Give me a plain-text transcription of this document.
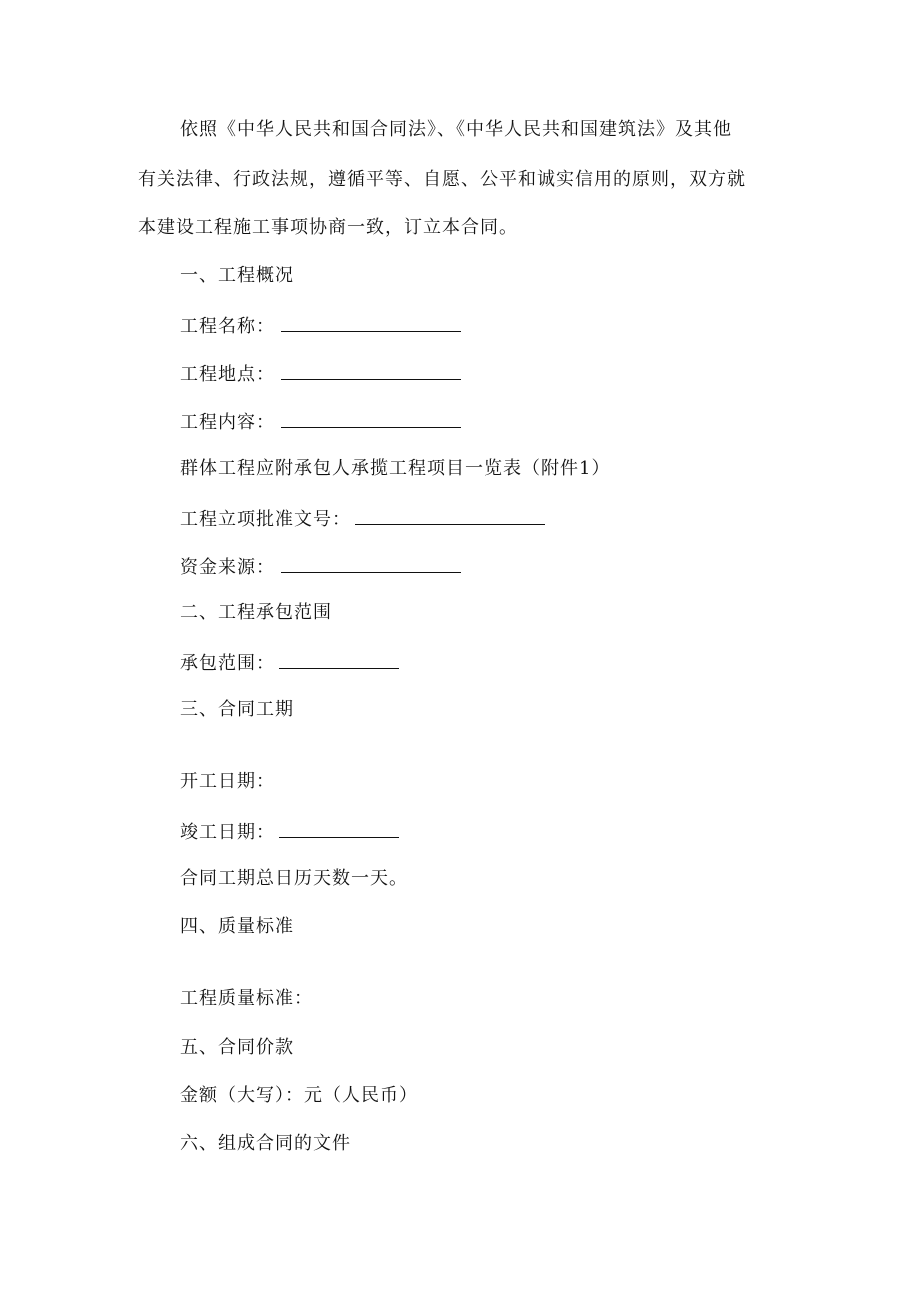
依照《中华人民共和国合同法》、《中华人民共和国建筑法》及其他
有关法律、行政法规，遵循平等、自愿、公平和诚实信用的原则，双方就
本建设工程施工事项协商一致，订立本合同。
一、工程概况
工程名称：
工程地点：
工程内容：
群体工程应附承包人承揽工程项目一览表（附件1）
工程立项批准文号：
资金来源：
二、工程承包范围
承包范围：
三、合同工期
开工日期：
竣工日期：
合同工期总日历天数一天。
四、质量标准
工程质量标准：
五、合同价款
金额（大写）：元（人民币）
六、组成合同的文件
